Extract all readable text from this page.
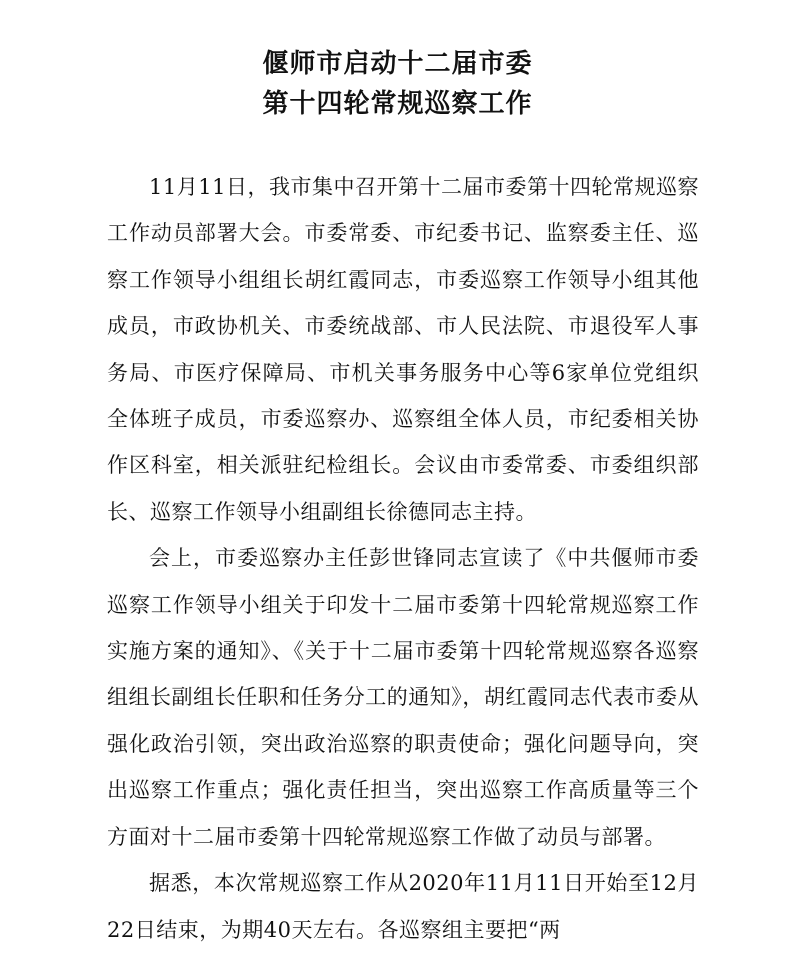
偃师市启动十二届市委
第十四轮常规巡察工作

11月11日，我市集中召开第十二届市委第十四轮常规巡察工作动员部署大会。市委常委、市纪委书记、监察委主任、巡察工作领导小组组长胡红霞同志，市委巡察工作领导小组其他成员，市政协机关、市委统战部、市人民法院、市退役军人事务局、市医疗保障局、市机关事务服务中心等6家单位党组织全体班子成员，市委巡察办、巡察组全体人员，市纪委相关协作区科室，相关派驻纪检组长。会议由市委常委、市委组织部长、巡察工作领导小组副组长徐德同志主持。

会上，市委巡察办主任彭世锋同志宣读了《中共偃师市委巡察工作领导小组关于印发十二届市委第十四轮常规巡察工作实施方案的通知》、《关于十二届市委第十四轮常规巡察各巡察组组长副组长任职和任务分工的通知》，胡红霞同志代表市委从强化政治引领，突出政治巡察的职责使命；强化问题导向，突出巡察工作重点；强化责任担当，突出巡察工作高质量等三个方面对十二届市委第十四轮常规巡察工作做了动员与部署。

据悉，本次常规巡察工作从2020年11月11日开始至12月22日结束，为期40天左右。各巡察组主要把“两
